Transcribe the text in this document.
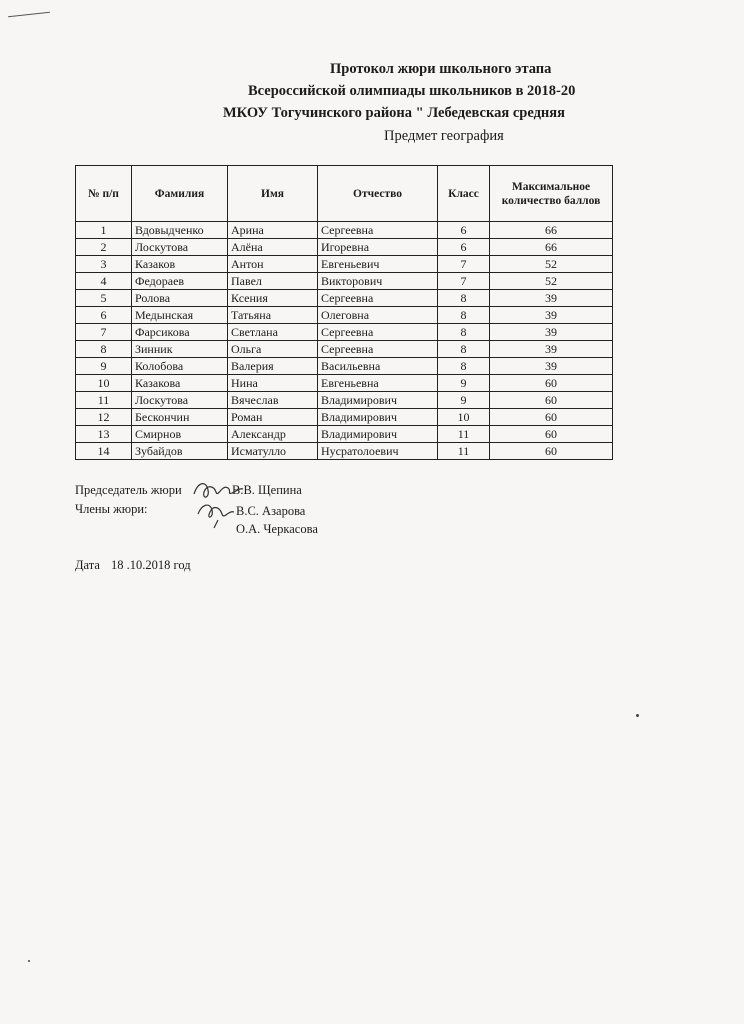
Протокол жюри школьного этапа
Всероссийской олимпиады школьников в 2018-20
МКОУ Тогучинского района " Лебедевская средняя
Предмет география
№ п/п	Фамилия	Имя	Отчество	Класс	Максимальное количество баллов
1	Вдовыдченко	Арина	Сергеевна	6	66
2	Лоскутова	Алёна	Игоревна	6	66
3	Казаков	Антон	Евгеньевич	7	52
4	Федораев	Павел	Викторович	7	52
5	Ролова	Ксения	Сергеевна	8	39
6	Медынская	Татьяна	Олеговна	8	39
7	Фарсикова	Светлана	Сергеевна	8	39
8	Зинник	Ольга	Сергеевна	8	39
9	Колобова	Валерия	Васильевна	8	39
10	Казакова	Нина	Евгеньевна	9	60
11	Лоскутова	Вячеслав	Владимирович	9	60
12	Бескончин	Роман	Владимирович	10	60
13	Смирнов	Александр	Владимирович	11	60
14	Зубайдов	Исматулло	Нусратолоевич	11	60
Председатель жюри	В.В. Щепина
Члены жюри:	В.С. Азарова
О.А. Черкасова
Дата 18 .10.2018 год
